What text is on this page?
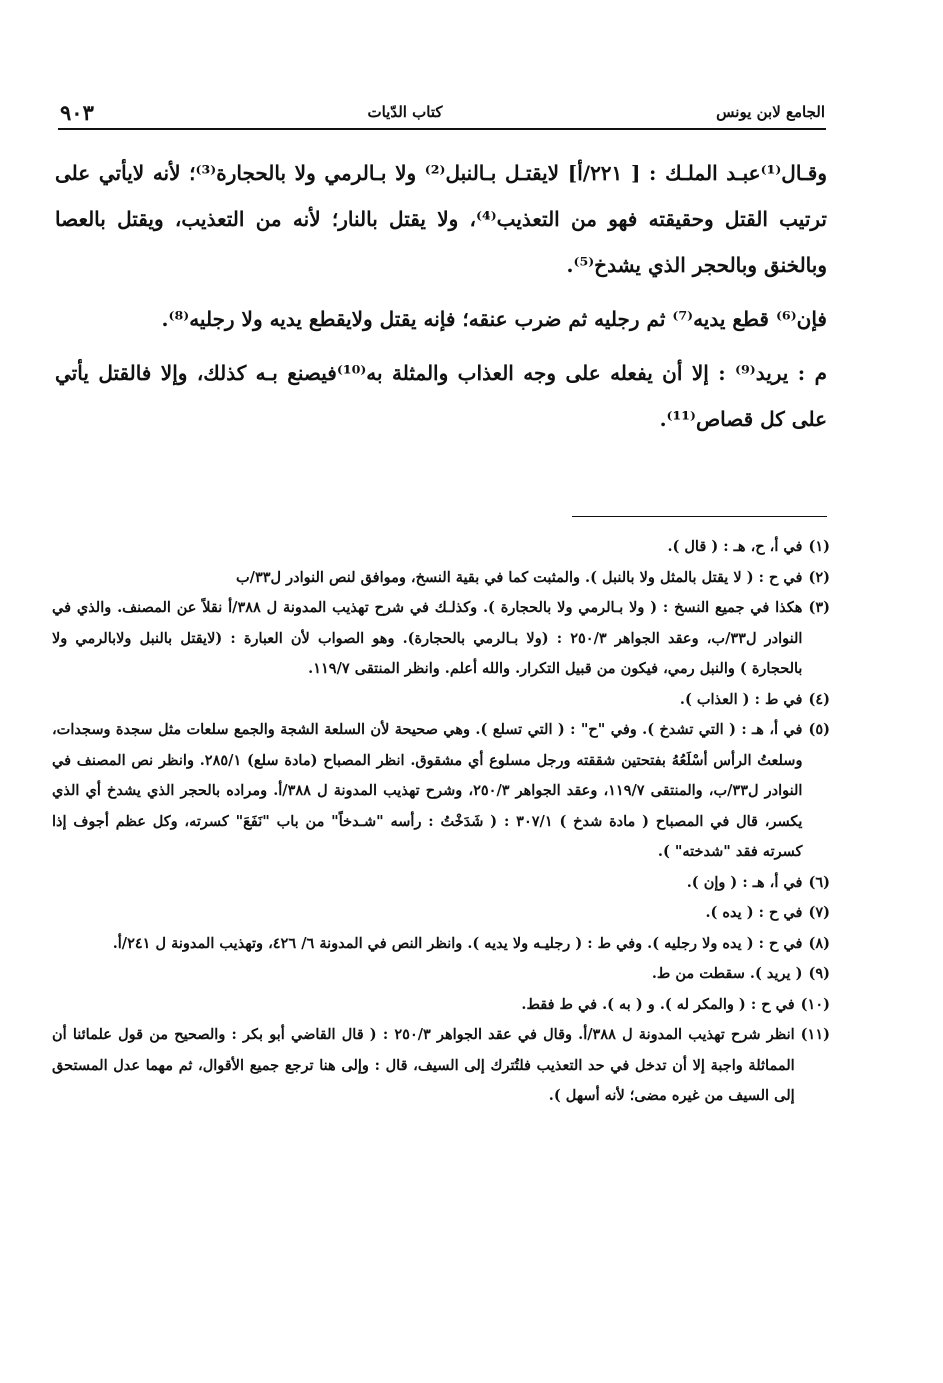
الجامع لابن يونس
كتاب الدّيات
٩٠٣

وقـال⁽¹⁾عبـد الملـك : [ ٢٢١/أ] لايقتـل بـالنبل⁽²⁾ ولا بـالرمي ولا بالحجارة⁽³⁾؛ لأنه لايأتي على ترتيب القتل وحقيقته فهو من التعذيب⁽⁴⁾، ولا يقتل بالنار؛ لأنه من التعذيب، ويقتل بالعصا وبالخنق وبالحجر الذي يشدخ⁽⁵⁾.

فإن⁽⁶⁾ قطع يديه⁽⁷⁾ ثم رجليه ثم ضرب عنقه؛ فإنه يقتل ولايقطع يديه ولا رجليه⁽⁸⁾.

م : يريد⁽⁹⁾ : إلا أن يفعله على وجه العذاب والمثلة به⁽¹⁰⁾فيصنع بـه كذلك، وإلا فالقتل يأتي على كل قصاص⁽¹¹⁾.

(١)
في أ، ح، هـ : ( قال ).
(٢)
في ح : ( لا يقتل بالمثل ولا بالنبل ). والمثبت كما في بقية النسخ، وموافق لنص النوادر ل٣٣/ب
(٣)
هكذا في جميع النسخ : ( ولا بـالرمي ولا بالحجارة ). وكذلـك في شرح تهذيب المدونة ل ٣٨٨/أ نقلاً عن المصنف. والذي في النوادر ل٣٣/ب، وعقد الجواهر ٢٥٠/٣ : (ولا بـالرمي بالحجارة). وهو الصواب لأن العبارة : (لايقتل بالنبل ولابالرمي ولا بالحجارة ) والنبل رمي، فيكون من قبيل التكرار. والله أعلم. وانظر المنتقى ١١٩/٧.
(٤)
في ط : ( العذاب ).
(٥)
في أ، هـ : ( التي تشدخ ). وفي "ح" : ( التي تسلع ). وهي صحيحة لأن السلعة الشجة والجمع سلعات مثل سجدة وسجدات، وسلعتُ الرأس أسْلَعُهُ بفتحتين شققته ورجل مسلوع أي مشقوق. انظر المصباح (مادة سلع) ٢٨٥/١. وانظر نص المصنف في النوادر ل٣٣/ب، والمنتقى ١١٩/٧، وعقد الجواهر ٢٥٠/٣، وشرح تهذيب المدونة ل ٣٨٨/أ. ومراده بالحجر الذي يشدخ أي الذي يكسر، قال في المصباح ( مادة شدخ ) ٣٠٧/١ : ( شَدَخْتُ : رأسه "شـدخاً" من باب "نَفَعَ" كسرته، وكل عظم أجوف إذا كسرته فقد "شدخته" ).
(٦)
في أ، هـ : ( وإن ).
(٧)
في ح : ( يده ).
(٨)
في ح : ( يده ولا رجليه ). وفي ط : ( رجليـه ولا يديه ). وانظر النص في المدونة ٦/ ٤٢٦، وتهذيب المدونة ل ٢٤١/أ.
(٩)
( يريد ). سقطت من ط.
(١٠)
في ح : ( والمكر له ). و ( به ). في ط فقط.
(١١)
انظر شرح تهذيب المدونة ل ٣٨٨/أ. وقال في عقد الجواهر ٢٥٠/٣ : ( قال القاضي أبو بكر : والصحيح من قول علمائنا أن المماثلة واجبة إلا أن تدخل في حد التعذيب فلتُترك إلى السيف، قال : وإلى هنا ترجع جميع الأقوال، ثم مهما عدل المستحق إلى السيف من غيره مضى؛ لأنه أسهل ).
